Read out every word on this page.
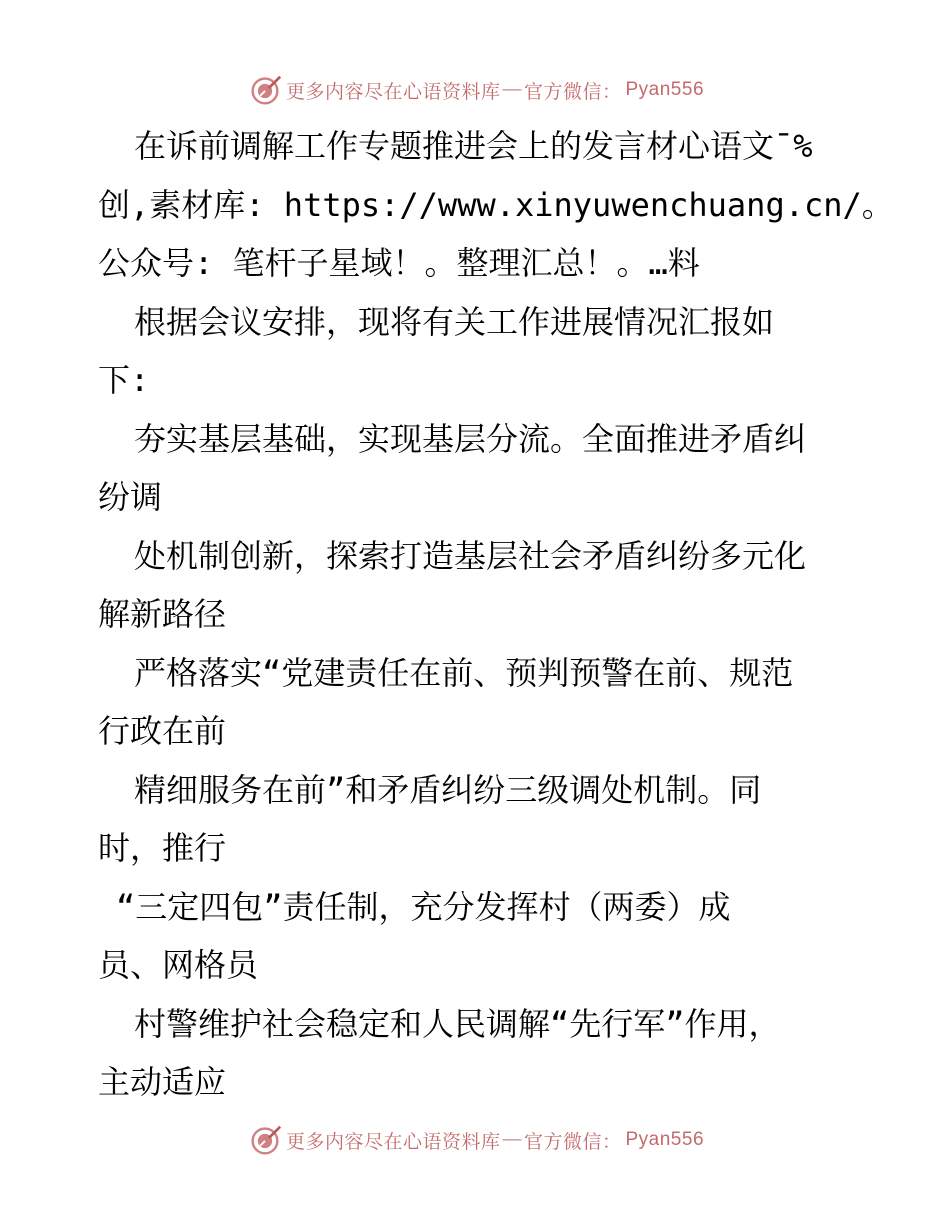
更多内容尽在心语资料库 — 官方微信： Pyan556
在诉前调解工作专题推进会上的发言材心语文¯%
创,素材库: https://www.xinyuwenchuang.cn/。
公众号: 笔杆子星域！。整理汇总！。…料
根据会议安排，现将有关工作进展情况汇报如
下:
夯实基层基础，实现基层分流。全面推进矛盾纠
纷调
处机制创新，探索打造基层社会矛盾纠纷多元化
解新路径
严格落实“党建责任在前、预判预警在前、规范
行政在前
精细服务在前”和矛盾纠纷三级调处机制。同
时，推行
“三定四包”责任制，充分发挥村（两委）成
员、网格员
村警维护社会稳定和人民调解“先行军”作用，
主动适应
更多内容尽在心语资料库 — 官方微信： Pyan556
